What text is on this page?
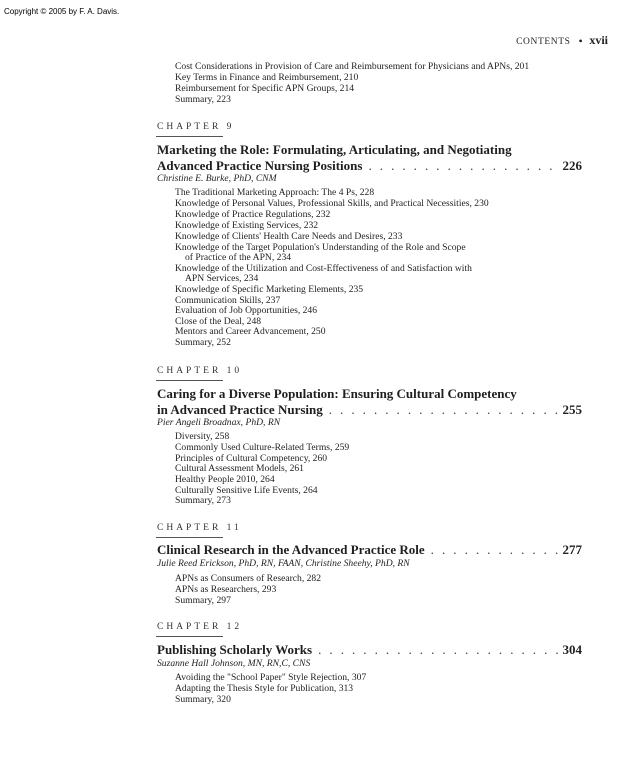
Copyright © 2005 by F. A. Davis.
CONTENTS • xvii
Cost Considerations in Provision of Care and Reimbursement for Physicians and APNs, 201
Key Terms in Finance and Reimbursement, 210
Reimbursement for Specific APN Groups, 214
Summary, 223
CHAPTER 9
Marketing the Role: Formulating, Articulating, and Negotiating
Advanced Practice Nursing Positions . . .	226
Christine E. Burke, PhD, CNM
The Traditional Marketing Approach: The 4 Ps, 228
Knowledge of Personal Values, Professional Skills, and Practical Necessities, 230
Knowledge of Practice Regulations, 232
Knowledge of Existing Services, 232
Knowledge of Clients' Health Care Needs and Desires, 233
Knowledge of the Target Population's Understanding of the Role and Scope
of Practice of the APN, 234
Knowledge of the Utilization and Cost-Effectiveness of and Satisfaction with
APN Services, 234
Knowledge of Specific Marketing Elements, 235
Communication Skills, 237
Evaluation of Job Opportunities, 246
Close of the Deal, 248
Mentors and Career Advancement, 250
Summary, 252
CHAPTER 10
Caring for a Diverse Population: Ensuring Cultural Competency
in Advanced Practice Nursing . . .	255
Pier Angeli Broadnax, PhD, RN
Diversity, 258
Commonly Used Culture-Related Terms, 259
Principles of Cultural Competency, 260
Cultural Assessment Models, 261
Healthy People 2010, 264
Culturally Sensitive Life Events, 264
Summary, 273
CHAPTER 11
Clinical Research in the Advanced Practice Role . . .	277
Julie Reed Erickson, PhD, RN, FAAN, Christine Sheehy, PhD, RN
APNs as Consumers of Research, 282
APNs as Researchers, 293
Summary, 297
CHAPTER 12
Publishing Scholarly Works . . .	304
Suzanne Hall Johnson, MN, RN,C, CNS
Avoiding the "School Paper" Style Rejection, 307
Adapting the Thesis Style for Publication, 313
Summary, 320
